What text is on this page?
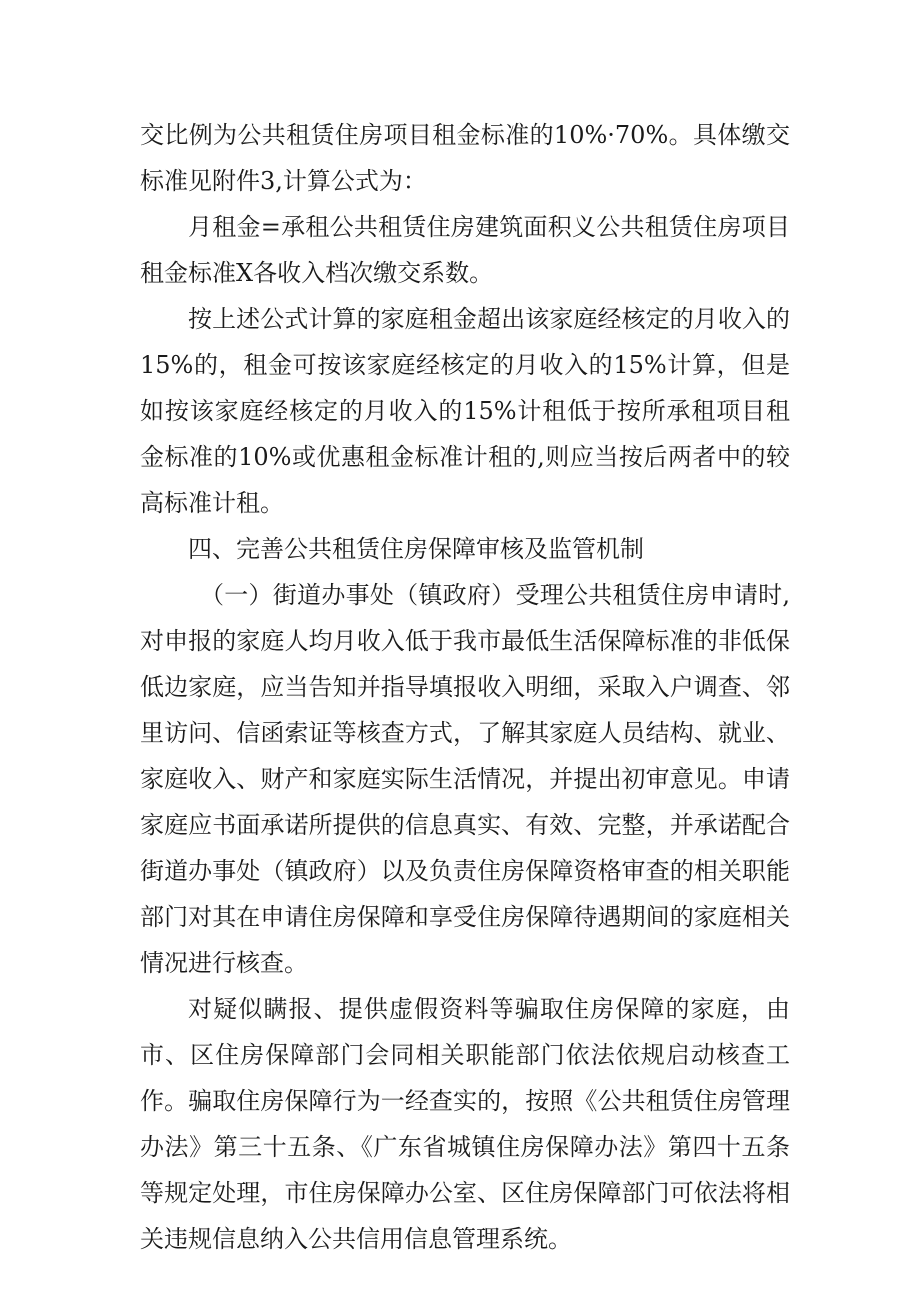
交比例为公共租赁住房项目租金标准的10%·70%。具体缴交标准见附件3,计算公式为：

月租金=承租公共租赁住房建筑面积义公共租赁住房项目租金标准X各收入档次缴交系数。

按上述公式计算的家庭租金超出该家庭经核定的月收入的15%的，租金可按该家庭经核定的月收入的15%计算，但是如按该家庭经核定的月收入的15%计租低于按所承租项目租金标准的10%或优惠租金标准计租的,则应当按后两者中的较高标准计租。

四、完善公共租赁住房保障审核及监管机制

（一）街道办事处（镇政府）受理公共租赁住房申请时,对申报的家庭人均月收入低于我市最低生活保障标准的非低保低边家庭，应当告知并指导填报收入明细，采取入户调查、邻里访问、信函索证等核查方式，了解其家庭人员结构、就业、家庭收入、财产和家庭实际生活情况，并提出初审意见。申请家庭应书面承诺所提供的信息真实、有效、完整，并承诺配合街道办事处（镇政府）以及负责住房保障资格审查的相关职能部门对其在申请住房保障和享受住房保障待遇期间的家庭相关情况进行核查。

对疑似瞒报、提供虚假资料等骗取住房保障的家庭，由市、区住房保障部门会同相关职能部门依法依规启动核查工作。骗取住房保障行为一经查实的，按照《公共租赁住房管理办法》第三十五条、《广东省城镇住房保障办法》第四十五条等规定处理，市住房保障办公室、区住房保障部门可依法将相关违规信息纳入公共信用信息管理系统。
